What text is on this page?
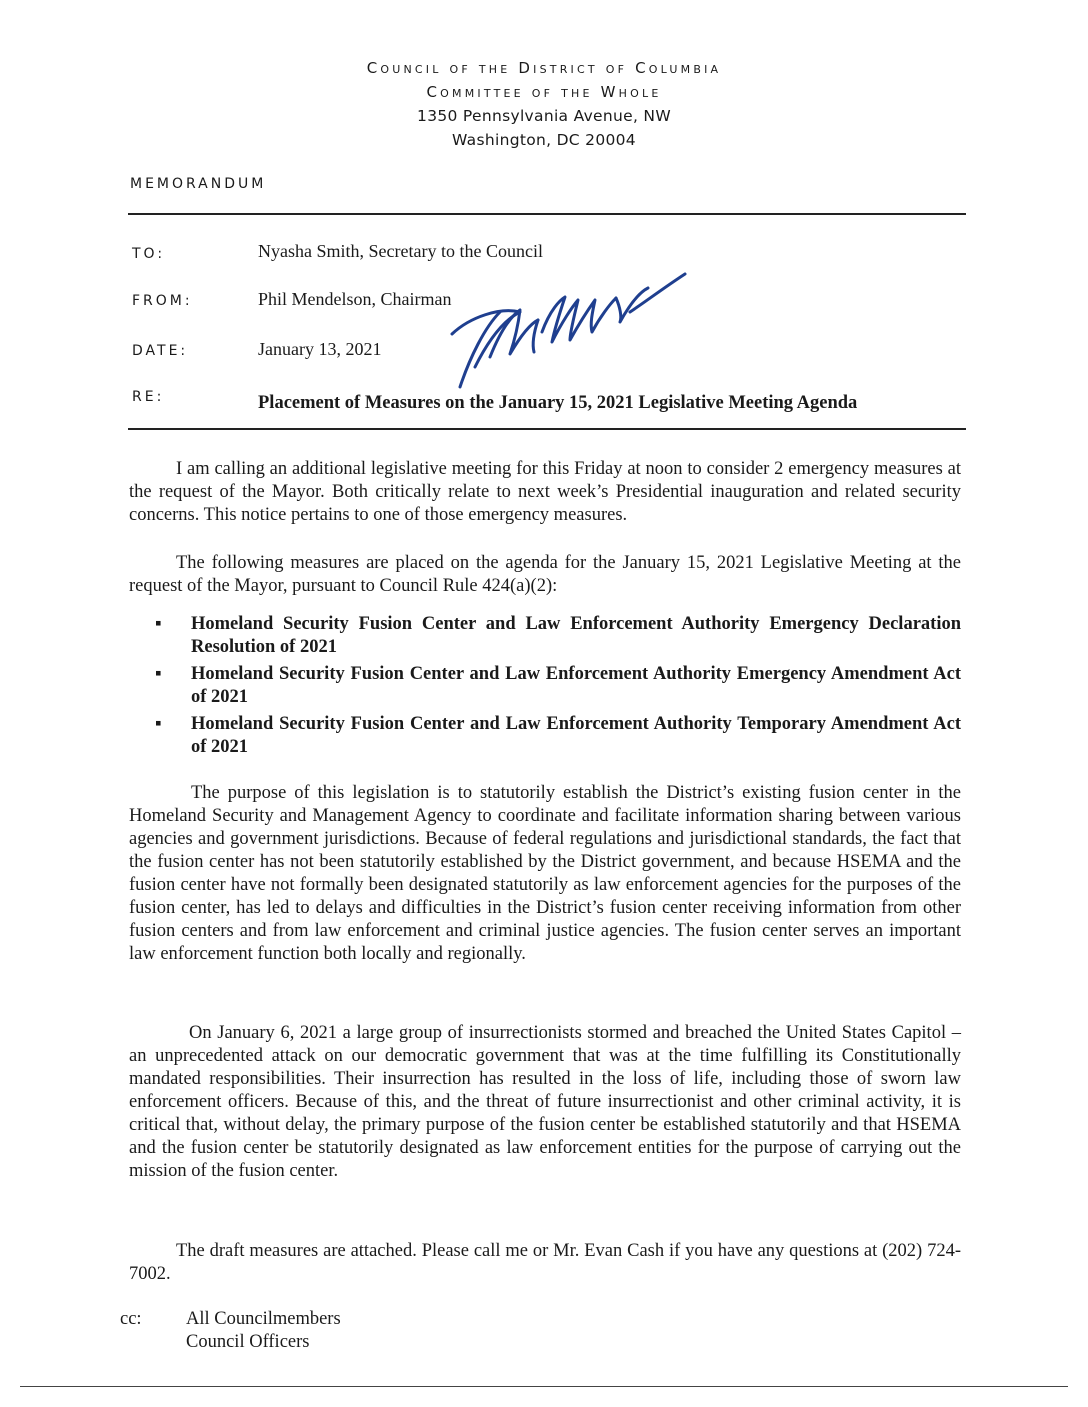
Council of the District of Columbia
Committee of the Whole
1350 Pennsylvania Avenue, NW
Washington, DC 20004
MEMORANDUM
TO:	Nyasha Smith, Secretary to the Council
FROM:	Phil Mendelson, Chairman
DATE:	January 13, 2021
RE:	Placement of Measures on the January 15, 2021 Legislative Meeting Agenda
I am calling an additional legislative meeting for this Friday at noon to consider 2 emergency measures at the request of the Mayor. Both critically relate to next week’s Presidential inauguration and related security concerns. This notice pertains to one of those emergency measures.
The following measures are placed on the agenda for the January 15, 2021 Legislative Meeting at the request of the Mayor, pursuant to Council Rule 424(a)(2):
▪ Homeland Security Fusion Center and Law Enforcement Authority Emergency Declaration Resolution of 2021
▪ Homeland Security Fusion Center and Law Enforcement Authority Emergency Amendment Act of 2021
▪ Homeland Security Fusion Center and Law Enforcement Authority Temporary Amendment Act of 2021
The purpose of this legislation is to statutorily establish the District’s existing fusion center in the Homeland Security and Management Agency to coordinate and facilitate information sharing between various agencies and government jurisdictions. Because of federal regulations and jurisdictional standards, the fact that the fusion center has not been statutorily established by the District government, and because HSEMA and the fusion center have not formally been designated statutorily as law enforcement agencies for the purposes of the fusion center, has led to delays and difficulties in the District’s fusion center receiving information from other fusion centers and from law enforcement and criminal justice agencies. The fusion center serves an important law enforcement function both locally and regionally.
On January 6, 2021 a large group of insurrectionists stormed and breached the United States Capitol – an unprecedented attack on our democratic government that was at the time fulfilling its Constitutionally mandated responsibilities. Their insurrection has resulted in the loss of life, including those of sworn law enforcement officers. Because of this, and the threat of future insurrectionist and other criminal activity, it is critical that, without delay, the primary purpose of the fusion center be established statutorily and that HSEMA and the fusion center be statutorily designated as law enforcement entities for the purpose of carrying out the mission of the fusion center.
The draft measures are attached. Please call me or Mr. Evan Cash if you have any questions at (202) 724-7002.
cc: All Councilmembers
Council Officers
